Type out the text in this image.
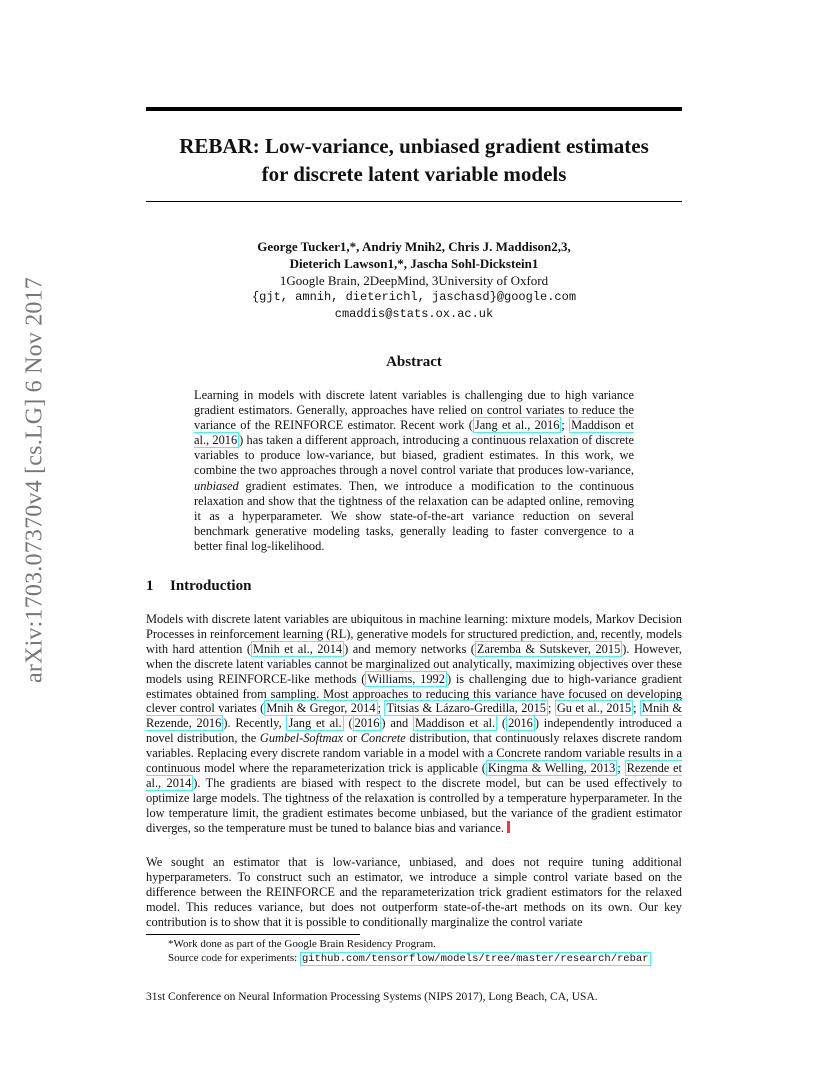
arXiv:1703.07370v4 [cs.LG] 6 Nov 2017
REBAR: Low-variance, unbiased gradient estimates
for discrete latent variable models
George Tucker1,*, Andriy Mnih2, Chris J. Maddison2,3,
Dieterich Lawson1,*, Jascha Sohl-Dickstein1
1Google Brain, 2DeepMind, 3University of Oxford
{gjt, amnih, dieterichl, jaschasd}@google.com
cmaddis@stats.ox.ac.uk
Abstract
Learning in models with discrete latent variables is challenging due to high variance gradient estimators. Generally, approaches have relied on control variates to reduce the variance of the REINFORCE estimator. Recent work ( Jang et al., 2016 ; Maddison et al., 2016 ) has taken a different approach, introducing a continuous relaxation of discrete variables to produce low-variance, but biased, gradient estimates. In this work, we combine the two approaches through a novel control variate that produces low-variance, unbiased gradient estimates. Then, we introduce a modification to the continuous relaxation and show that the tightness of the relaxation can be adapted online, removing it as a hyperparameter. We show state-of-the-art variance reduction on several benchmark generative modeling tasks, generally leading to faster convergence to a better final log-likelihood.
1 Introduction
Models with discrete latent variables are ubiquitous in machine learning: mixture models, Markov Decision Processes in reinforcement learning (RL), generative models for structured prediction, and, recently, models with hard attention ( Mnih et al., 2014 ) and memory networks ( Zaremba & Sutskever, 2015 ). However, when the discrete latent variables cannot be marginalized out analytically, maximizing objectives over these models using REINFORCE-like methods ( Williams, 1992 ) is challenging due to high-variance gradient estimates obtained from sampling. Most approaches to reducing this variance have focused on developing clever control variates ( Mnih & Gregor, 2014 ; Titsias & Lázaro-Gredilla, 2015 ; Gu et al., 2015 ; Mnih & Rezende, 2016 ). Recently, Jang et al. ( 2016 ) and Maddison et al. ( 2016 ) independently introduced a novel distribution, the Gumbel-Softmax or Concrete distribution, that continuously relaxes discrete random variables. Replacing every discrete random variable in a model with a Concrete random variable results in a continuous model where the reparameterization trick is applicable ( Kingma & Welling, 2013 ; Rezende et al., 2014 ). The gradients are biased with respect to the discrete model, but can be used effectively to optimize large models. The tightness of the relaxation is controlled by a temperature hyperparameter. In the low temperature limit, the gradient estimates become unbiased, but the variance of the gradient estimator diverges, so the temperature must be tuned to balance bias and variance.
We sought an estimator that is low-variance, unbiased, and does not require tuning additional hyperparameters. To construct such an estimator, we introduce a simple control variate based on the difference between the REINFORCE and the reparameterization trick gradient estimators for the relaxed model. This reduces variance, but does not outperform state-of-the-art methods on its own. Our key contribution is to show that it is possible to conditionally marginalize the control variate
*Work done as part of the Google Brain Residency Program.
Source code for experiments: github.com/tensorflow/models/tree/master/research/rebar
31st Conference on Neural Information Processing Systems (NIPS 2017), Long Beach, CA, USA.
